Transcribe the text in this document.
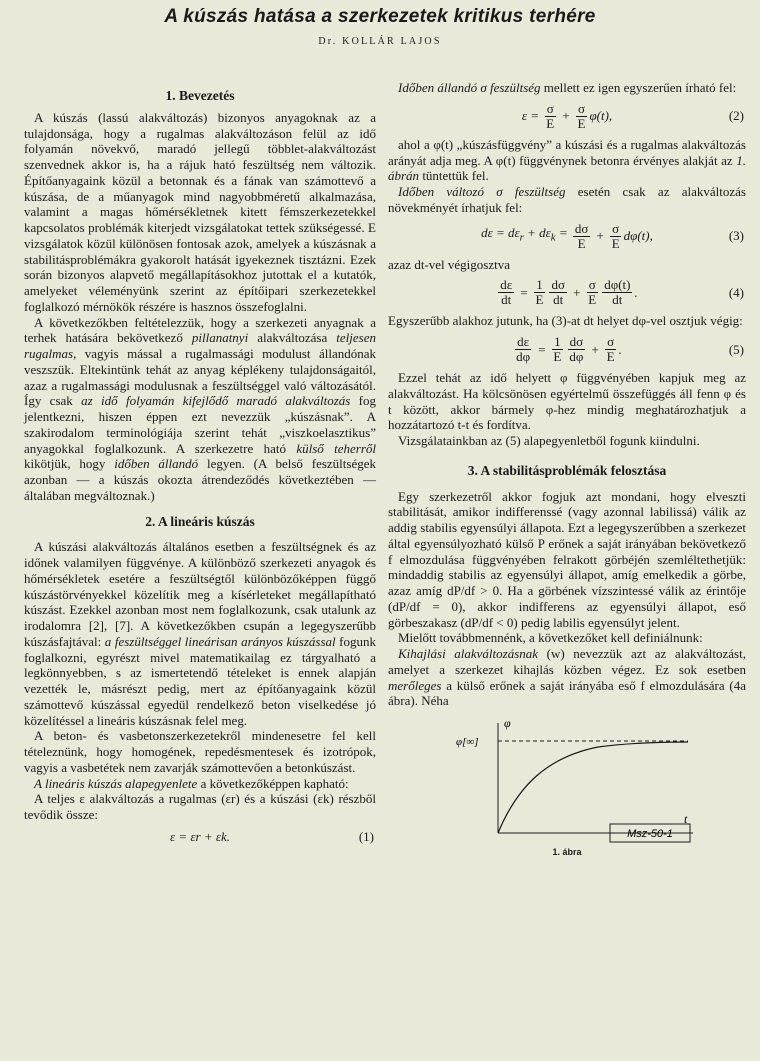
A kúszás hatása a szerkezetek kritikus terhére
Dr. KOLLÁR LAJOS
1. Bevezetés

A kúszás (lassú alakváltozás) bizonyos anyagoknak az a tulajdonsága, hogy a rugalmas alakváltozáson felül az idő folyamán növekvő, maradó jellegű többlet-alakváltozást szenvednek akkor is, ha a rájuk ható feszültség nem változik. Építőanyagaink közül a betonnak és a fának van számottevő a kúszása, de a műanyagok mind nagyobbméretű alkalmazása, valamint a magas hőmérsékletnek kitett fémszerkezetekkel kapcsolatos problémák kiterjedt vizsgálatokat tettek szükségessé. E vizsgálatok közül különösen fontosak azok, amelyek a kúszásnak a stabilitásproblémákra gyakorolt hatását igyekeznek tisztázni. Ezek során bizonyos alapvető megállapításokhoz jutottak el a kutatók, amelyeket véleményünk szerint az építőipari szerkezetekkel foglalkozó mérnökök részére is hasznos összefoglalni.

A következőkben feltételezzük, hogy a szerkezeti anyagnak a terhek hatására bekövetkező pillanatnyi alakváltozása teljesen rugalmas, vagyis mással a rugalmassági modulust állandónak veszszük. Eltekintünk tehát az anyag képlékeny tulajdonságaitól, azaz a rugalmassági modulusnak a feszültséggel való változásától. Így csak az idő folyamán kifejlődő maradó alakváltozás fog jelentkezni, hiszen éppen ezt nevezzük „kúszásnak”. A szakirodalom terminológiája szerint tehát „viszkoelasztikus” anyagokkal foglalkozunk. A szerkezetre ható külső teherről kikötjük, hogy időben állandó legyen. (A belső feszültségek azonban — a kúszás okozta átrendeződés következtében — általában megváltoznak.)

2. A lineáris kúszás

A kúszási alakváltozás általános esetben a feszültségnek és az időnek valamilyen függvénye. A különböző szerkezeti anyagok és hőmérsékletek esetére a feszültségtől különbözőképpen függő kúszástörvényekkel közelítik meg a kísérleteket megállapítható kúszást. Ezekkel azonban most nem foglalkozunk, csak utalunk az irodalomra [2], [7]. A következőkben csupán a legegyszerűbb kúszásfajtával: a feszültséggel lineárisan arányos kúszással fogunk foglalkozni, egyrészt mivel matematikailag ez tárgyalható a legkönnyebben, s az ismertetendő tételeket is ennek alapján vezették le, másrészt pedig, mert az építőanyagaink közül számottevő kúszással egyedül rendelkező beton viselkedése jó közelítéssel a lineáris kúszásnak felel meg.

A beton- és vasbetonszerkezetekről mindenesetre fel kell tételeznünk, hogy homogének, repedésmentesek és izotrópok, vagyis a vasbetétek nem zavarják számottevően a betonkúszást.

A lineáris kúszás alapegyenlete a következőképpen kapható:

A teljes ε alakváltozás a rugalmas (εr) és a kúszási (εk) részből tevődik össze:

ε = εr + εk.	(1)

Időben állandó σ feszültség mellett ez igen egyszerűen írható fel:

$\varepsilon = \frac{\sigma}{E} + \frac{\sigma}{E} \varphi(t)$,	(2)

ahol a φ(t) „kúszásfüggvény” a kúszási és a rugalmas alakváltozás arányát adja meg. A φ(t) függvénynek betonra érvényes alakját az 1. ábrán tüntettük fel.

Időben változó σ feszültség esetén csak az alakváltozás növekményét írhatjuk fel:

$d\varepsilon = d\varepsilon_r + d\varepsilon_k = \frac{d\sigma}{E} + \frac{\sigma}{E} d\varphi(t)$,	(3)

azaz dt-vel végigosztva

$\frac{d\varepsilon}{dt} = \frac{1}{E} \frac{d\sigma}{dt} + \frac{\sigma}{E} \frac{d\varphi(t)}{dt}$ .	(4)

Egyszerűbb alakhoz jutunk, ha (3)-at dt helyet dφ-vel osztjuk végig:

$\frac{d\varepsilon}{d\varphi} = \frac{1}{E} \frac{d\sigma}{d\varphi} + \frac{\sigma}{E}$ .	(5)

Ezzel tehát az idő helyett φ függvényében kapjuk meg az alakváltozást. Ha kölcsönösen egyértelmű összefüggés áll fenn φ és t között, akkor bármely φ-hez mindig meghatározhatjuk a hozzátartozó t-t és fordítva.

Vizsgálatainkban az (5) alapegyenletből fogunk kiindulni.

3. A stabilitásproblémák felosztása

Egy szerkezetről akkor fogjuk azt mondani, hogy elveszti stabilitását, amikor indifferenssé (vagy azonnal labilissá) válik az addig stabilis egyensúlyi állapota. Ezt a legegyszerűbben a szerkezet által egyensúlyozható külső P erőnek a saját irányában bekövetkező f elmozdulása függvényében felrakott görbéjén szemléltethetjük: mindaddig stabilis az egyensúlyi állapot, amíg emelkedik a görbe, azaz amíg dP/df > 0. Ha a görbének vízszintessé válik az érintője (dP/df = 0), akkor indifferens az egyensúlyi állapot, eső görbeszakasz (dP/df < 0) pedig labilis egyensúlyt jelent.

Mielőtt továbbmennénk, a következőket kell definiálnunk:

Kihajlási alakváltozásnak (w) nevezzük azt az alakváltozást, amelyet a szerkezet kihajlás közben végez. Ez sok esetben merőleges a külső erőnek a saját irányába eső f elmozdulására (4a ábra). Néha

φ
φ[∞]
t
Msz-50-1
1. ábra
